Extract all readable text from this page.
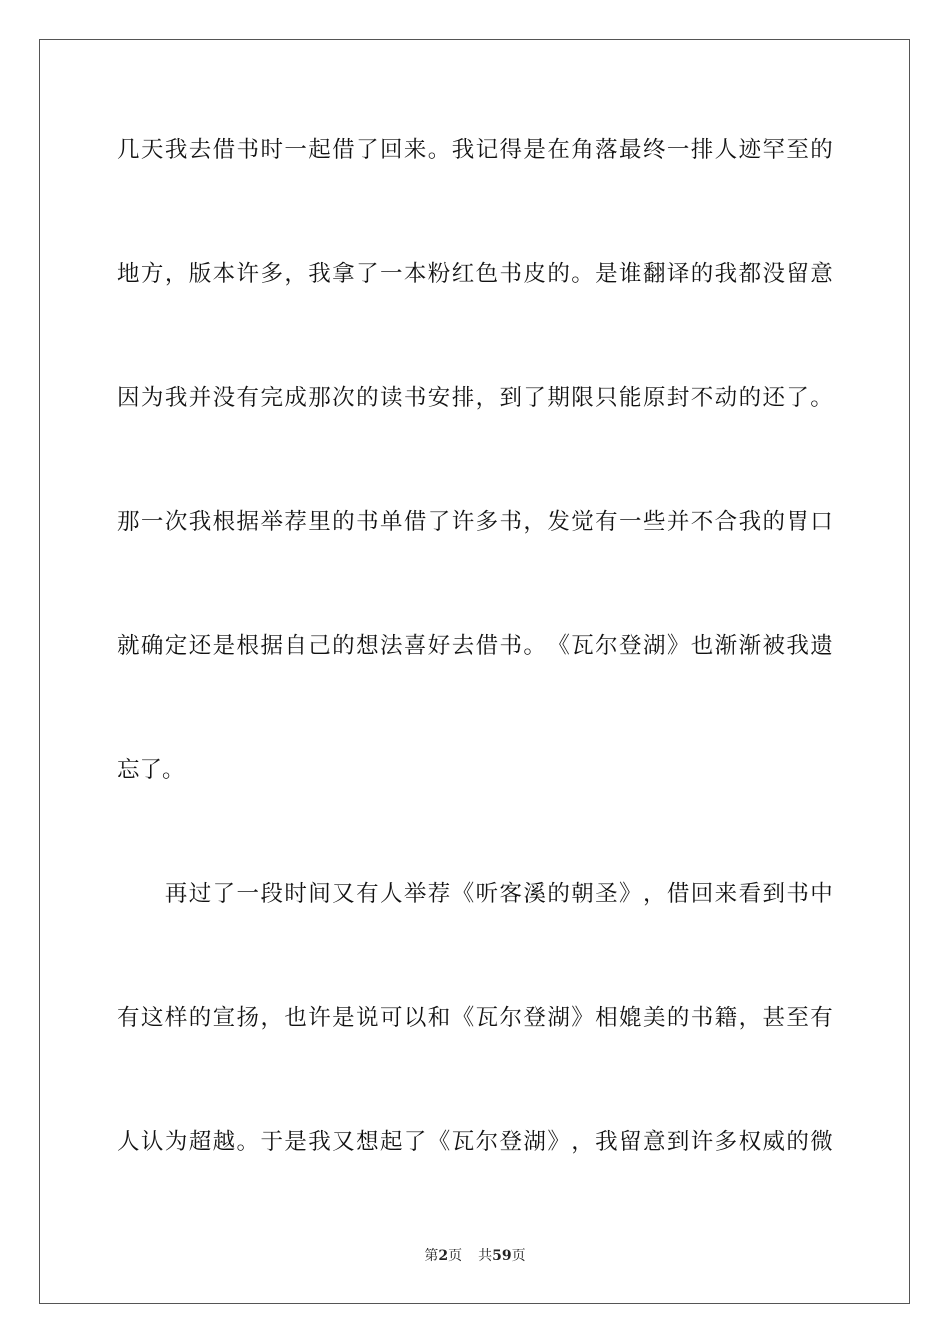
几 天 我 去 借 书 时 一 起 借 了 回 来 。 我 记 得 是 在 角 落 最 终 一 排 人 迹 罕 至 的
地 方 ， 版 本 许 多 ， 我 拿 了 一 本 粉 红 色 书 皮 的 。 是 谁 翻 译 的 我 都 没 留 意
因 为 我 并 没 有 完 成 那 次 的 读 书 安 排 ， 到 了 期 限 只 能 原 封 不 动 的 还 了 。
那 一 次 我 根 据 举 荐 里 的 书 单 借 了 许 多 书 ， 发 觉 有 一 些 并 不 合 我 的 胃 口
就 确 定 还 是 根 据 自 己 的 想 法 喜 好 去 借 书 。 《 瓦 尔 登 湖 》 也 渐 渐 被 我 遗
忘了。

再 过 了 一 段 时 间 又 有 人 举 荐 《 听 客 溪 的 朝 圣 》 ， 借 回 来 看 到 书 中
有 这 样 的 宣 扬 ， 也 许 是 说 可 以 和 《 瓦 尔 登 湖 》 相 媲 美 的 书 籍 ， 甚 至 有
人 认 为 超 越 。 于 是 我 又 想 起 了 《 瓦 尔 登 湖 》 ， 我 留 意 到 许 多 权 威 的 微
第2页 共59页
